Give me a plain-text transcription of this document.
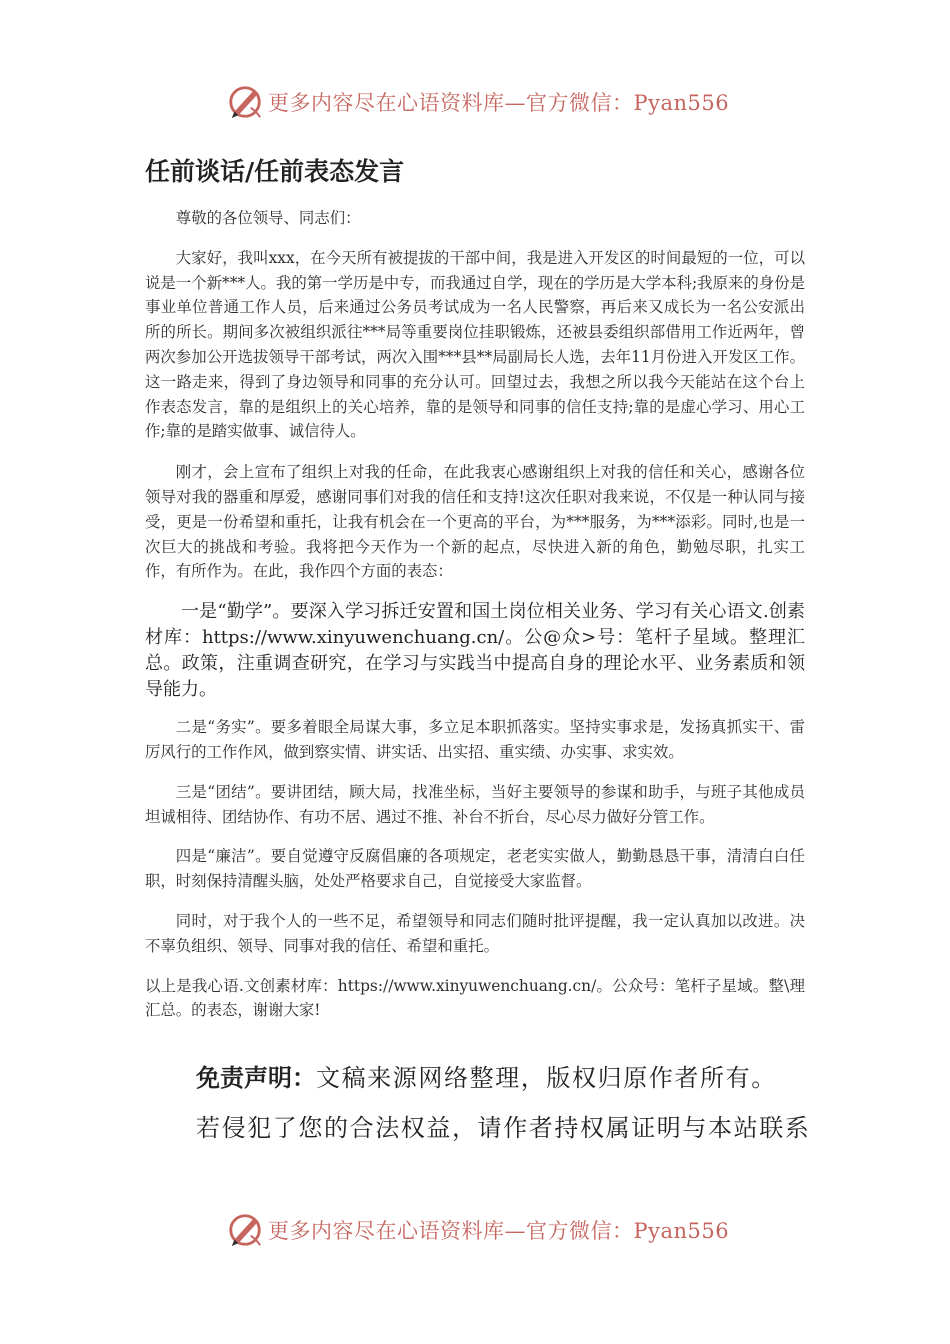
更多内容尽在心语资料库—官方微信：Pyan556
任前谈话/任前表态发言

尊敬的各位领导、同志们：

大家好，我叫xxx，在今天所有被提拔的干部中间，我是进入开发区的时间最短的一位，可以说是一个新***人。我的第一学历是中专，而我通过自学，现在的学历是大学本科;我原来的身份是事业单位普通工作人员，后来通过公务员考试成为一名人民警察，再后来又成长为一名公安派出所的所长。期间多次被组织派往***局等重要岗位挂职锻炼，还被县委组织部借用工作近两年，曾两次参加公开选拔领导干部考试，两次入围***县**局副局长人选，去年11月份进入开发区工作。这一路走来，得到了身边领导和同事的充分认可。回望过去，我想之所以我今天能站在这个台上作表态发言，靠的是组织上的关心培养，靠的是领导和同事的信任支持;靠的是虚心学习、用心工作;靠的是踏实做事、诚信待人。

刚才，会上宣布了组织上对我的任命，在此我衷心感谢组织上对我的信任和关心，感谢各位领导对我的器重和厚爱，感谢同事们对我的信任和支持!这次任职对我来说，不仅是一种认同与接受，更是一份希望和重托，让我有机会在一个更高的平台，为***服务，为***添彩。同时,也是一次巨大的挑战和考验。我将把今天作为一个新的起点，尽快进入新的角色，勤勉尽职，扎实工作，有所作为。在此，我作四个方面的表态：

一是“勤学”。要深入学习拆迁安置和国土岗位相关业务、学习有关心语文.创素材库：https://www.xinyuwenchuang.cn/。公@众>号：笔杆子星域。整理汇总。政策，注重调查研究，在学习与实践当中提高自身的理论水平、业务素质和领导能力。

二是“务实”。要多着眼全局谋大事，多立足本职抓落实。坚持实事求是，发扬真抓实干、雷厉风行的工作作风，做到察实情、讲实话、出实招、重实绩、办实事、求实效。

三是“团结”。要讲团结，顾大局，找准坐标，当好主要领导的参谋和助手，与班子其他成员坦诚相待、团结协作、有功不居、遇过不推、补台不折台，尽心尽力做好分管工作。

四是“廉洁”。要自觉遵守反腐倡廉的各项规定，老老实实做人，勤勤恳恳干事，清清白白任职，时刻保持清醒头脑，处处严格要求自己，自觉接受大家监督。

同时，对于我个人的一些不足，希望领导和同志们随时批评提醒，我一定认真加以改进。决不辜负组织、领导、同事对我的信任、希望和重托。

以上是我心语.文创素材库：https://www.xinyuwenchuang.cn/。公众号：笔杆子星域。整\理汇总。的表态，谢谢大家!

免责声明：文稿来源网络整理，版权归原作者所有。
若侵犯了您的合法权益，请作者持权属证明与本站联系
更多内容尽在心语资料库—官方微信：Pyan556
